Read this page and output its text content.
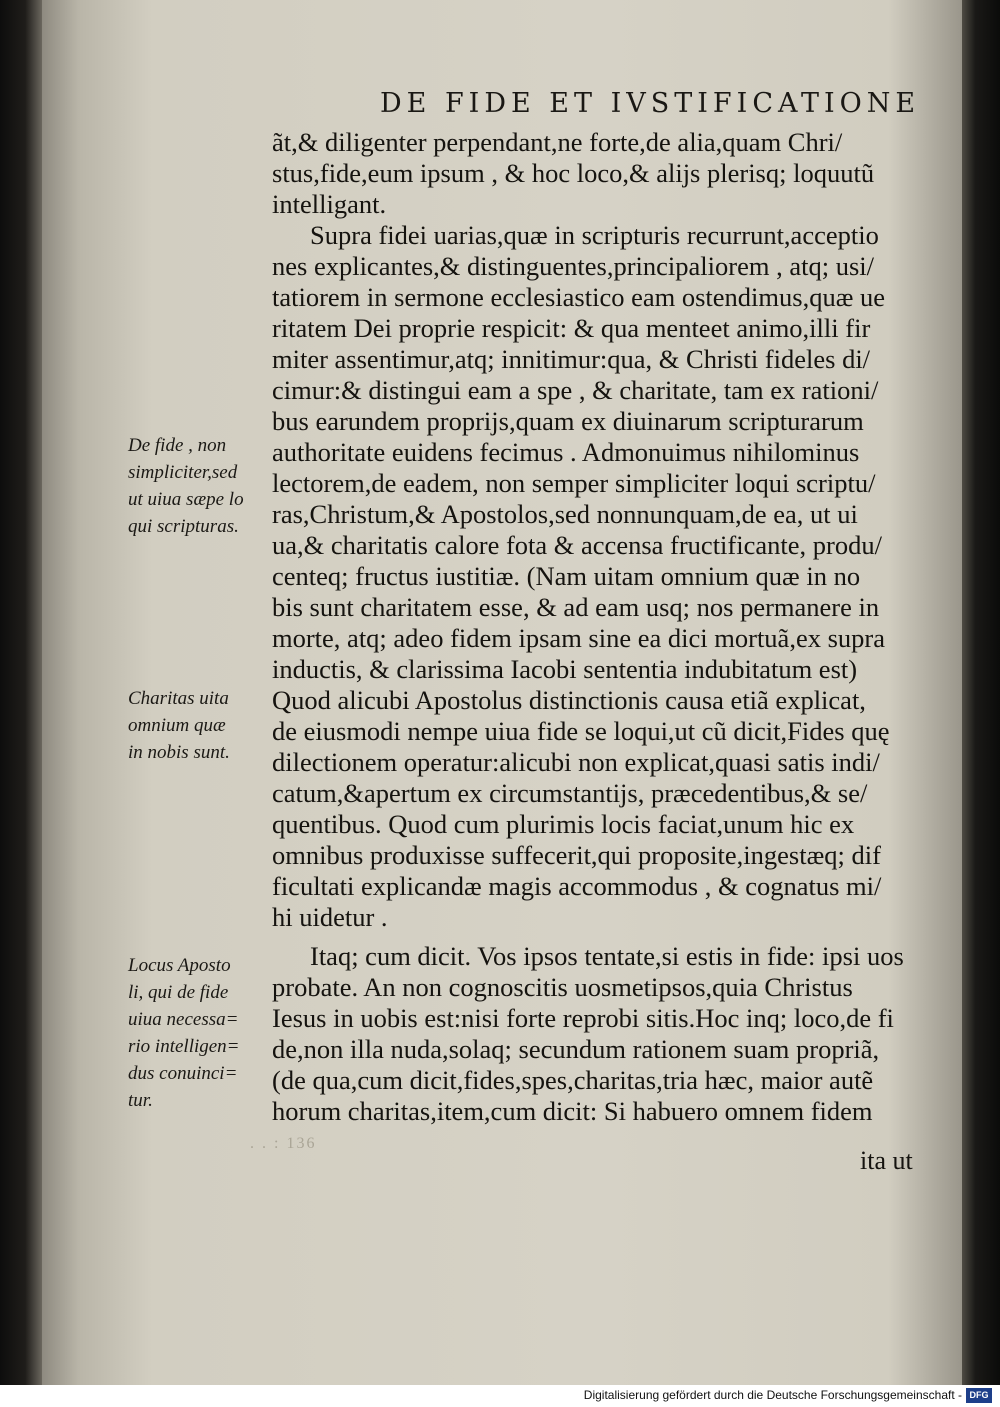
DE FIDE ET IVSTIFICATIONE
ãt,& diligenter perpendant,ne forte,de alia,quam Chri/
stus,fide,eum ipsum , & hoc loco,& alijs plerisq; loquutũ
intelligant.
Supra fidei uarias,quæ in scripturis recurrunt,acceptio
nes explicantes,& distinguentes,principaliorem , atq; usi/
tatiorem in sermone ecclesiastico eam ostendimus,quæ ue
ritatem Dei proprie respicit: & qua menteet animo,illi fir
miter assentimur,atq; innitimur:qua, & Christi fideles di/
cimur:& distingui eam a spe , & charitate, tam ex rationi/
bus earundem proprijs,quam ex diuinarum scripturarum
authoritate euidens fecimus . Admonuimus nihilominus
lectorem,de eadem, non semper simpliciter loqui scriptu/
ras,Christum,& Apostolos,sed nonnunquam,de ea, ut ui
ua,& charitatis calore fota & accensa fructificante, produ/
centeq; fructus iustitiæ. (Nam uitam omnium quæ in no
bis sunt charitatem esse, & ad eam usq; nos permanere in
morte, atq; adeo fidem ipsam sine ea dici mortuã,ex supra
inductis, & clarissima Iacobi sententia indubitatum est)
Quod alicubi Apostolus distinctionis causa etiã explicat,
de eiusmodi nempe uiua fide se loqui,ut cũ dicit,Fides quę
dilectionem operatur:alicubi non explicat,quasi satis indi/
catum,&apertum ex circumstantijs, præcedentibus,& se/
quentibus. Quod cum plurimis locis faciat,unum hic ex
omnibus produxisse suffecerit,qui proposite,ingestæq; dif
ficultati explicandæ magis accommodus , & cognatus mi/
hi uidetur .
Itaq; cum dicit. Vos ipsos tentate,si estis in fide: ipsi uos
probate. An non cognoscitis uosmetipsos,quia Christus
Iesus in uobis est:nisi forte reprobi sitis.Hoc inq; loco,de fi
de,non illa nuda,solaq; secundum rationem suam propriã,
(de qua,cum dicit,fides,spes,charitas,tria hæc, maior autẽ
horum charitas,item,cum dicit: Si habuero omnem fidem
ita ut
De fide , non
simpliciter,sed
ut uiua sæpe lo
qui scripturas.
Charitas uita
omnium quæ
in nobis sunt.
Locus Aposto
li, qui de fide
uiua necessa=
rio intelligen=
dus conuinci=
tur.
. . : 136
Digitalisierung gefördert durch die Deutsche Forschungsgemeinschaft - DFG
